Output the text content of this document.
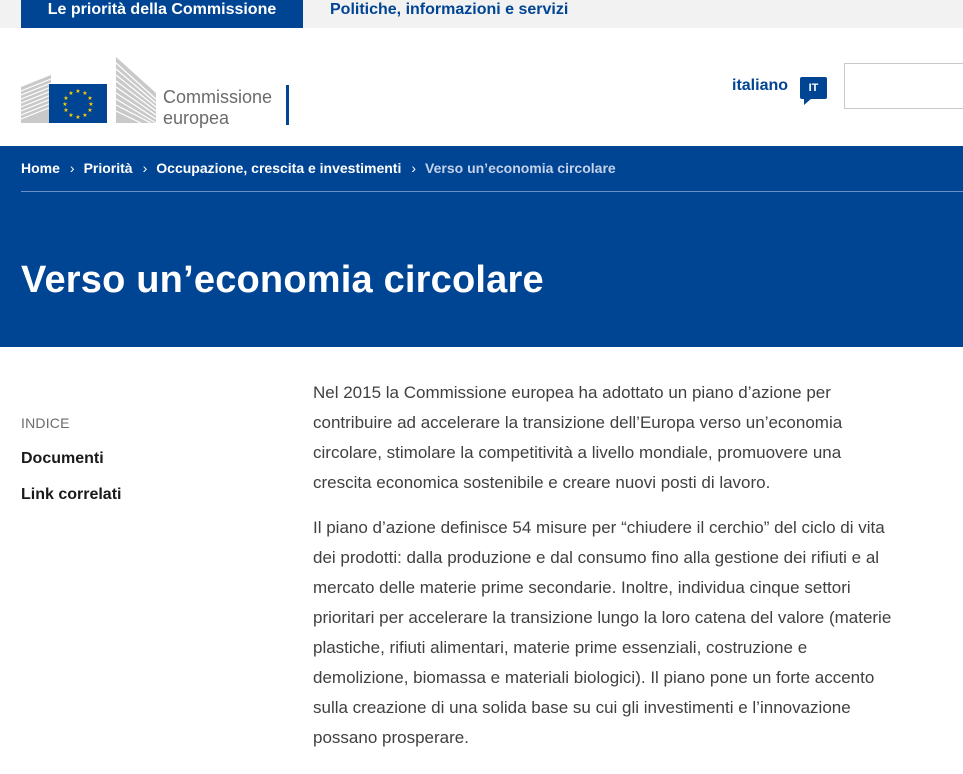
Le priorità della Commissione	Politiche, informazioni e servizi
★ ★
★
★
★
★
★
★
★
★
★
★	Commissione
europea
italiano	IT
Home › Priorità › Occupazione, crescita e investimenti › Verso un’economia circolare
Verso un’economia circolare
INDICE
Documenti
Link correlati

Nel 2015 la Commissione europea ha adottato un piano d’azione per contribuire ad accelerare la transizione dell’Europa verso un’economia circolare, stimolare la competitività a livello mondiale, promuovere una crescita economica sostenibile e creare nuovi posti di lavoro.

Il piano d’azione definisce 54 misure per “chiudere il cerchio” del ciclo di vita dei prodotti: dalla produzione e dal consumo fino alla gestione dei rifiuti e al mercato delle materie prime secondarie. Inoltre, individua cinque settori prioritari per accelerare la transizione lungo la loro catena del valore (materie plastiche, rifiuti alimentari, materie prime essenziali, costruzione e demolizione, biomassa e materiali biologici). Il piano pone un forte accento sulla creazione di una solida base su cui gli investimenti e l’innovazione possano prosperare.
